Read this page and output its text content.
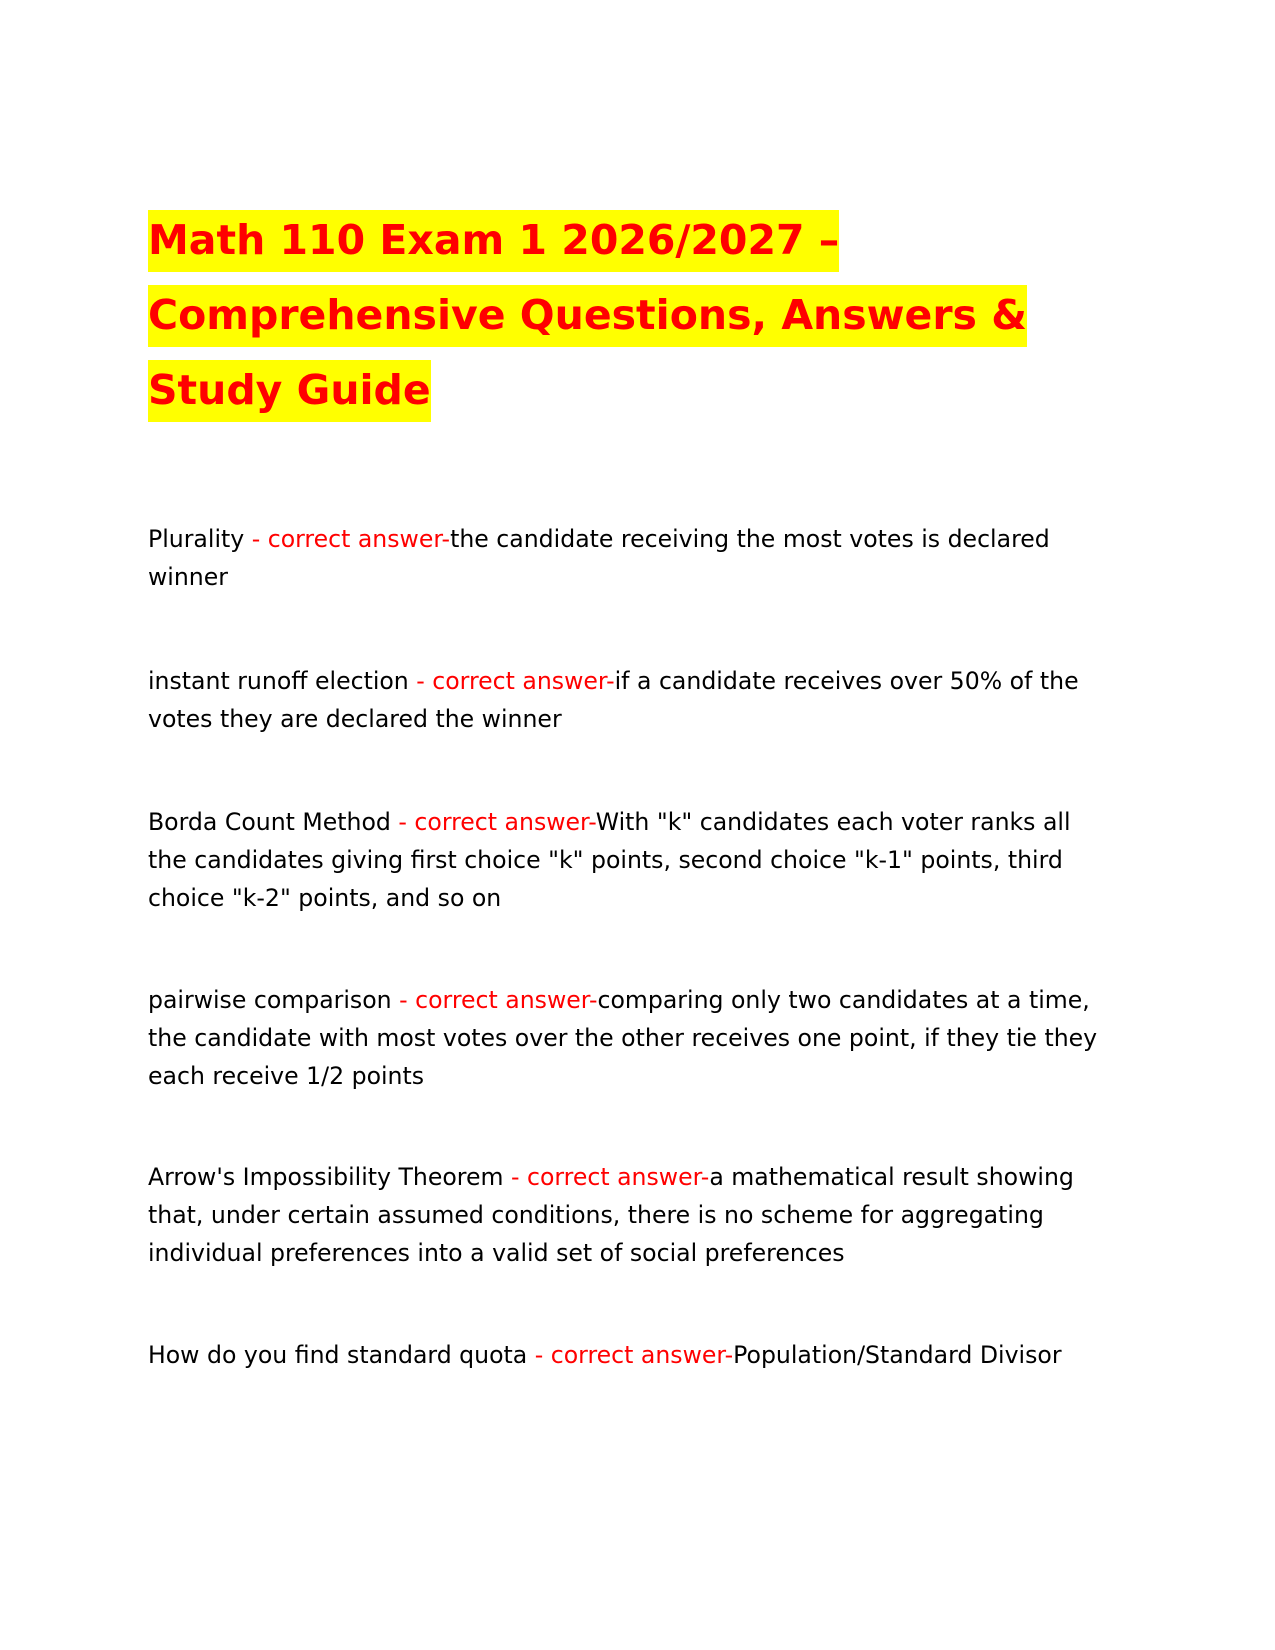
Math 110 Exam 1 2026/2027 –
Comprehensive Questions, Answers &
Study Guide

Plurality - correct answer-the candidate receiving the most votes is declared winner

instant runoff election - correct answer-if a candidate receives over 50% of the votes they are declared the winner

Borda Count Method - correct answer-With "k" candidates each voter ranks all the candidates giving first choice "k" points, second choice "k-1" points, third choice "k-2" points, and so on

pairwise comparison - correct answer-comparing only two candidates at a time, the candidate with most votes over the other receives one point, if they tie they each receive 1/2 points

Arrow's Impossibility Theorem - correct answer-a mathematical result showing that, under certain assumed conditions, there is no scheme for aggregating individual preferences into a valid set of social preferences

How do you find standard quota - correct answer-Population/Standard Divisor
